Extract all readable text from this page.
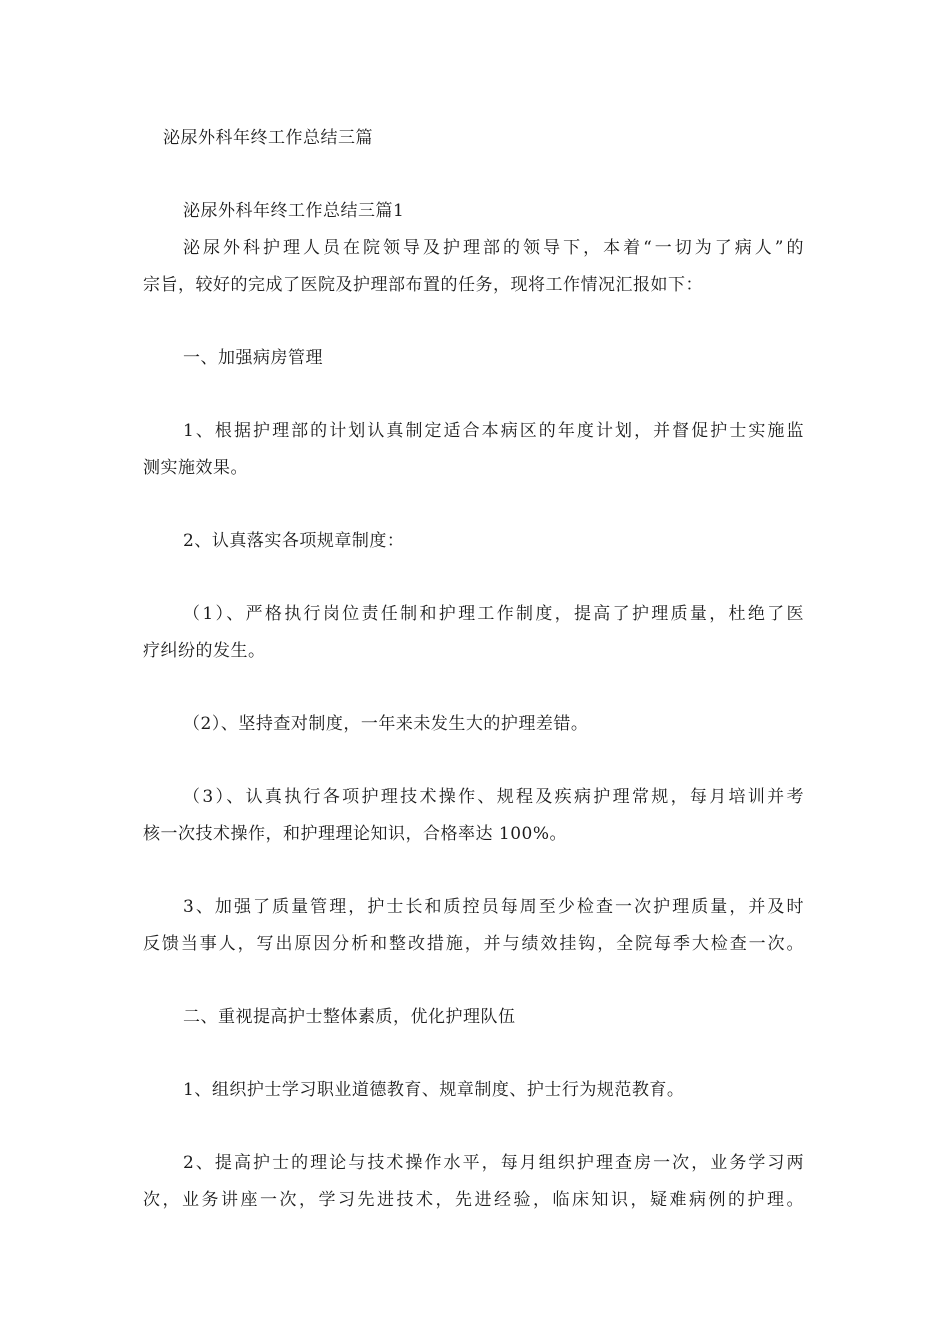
泌尿外科年终工作总结三篇
泌尿外科年终工作总结三篇1
泌尿外科护理人员在院领导及护理部的领导下，本着“一切为了病人”的
宗旨，较好的完成了医院及护理部布置的任务，现将工作情况汇报如下：
一、加强病房管理
1、根据护理部的计划认真制定适合本病区的年度计划，并督促护士实施监
测实施效果。
2、认真落实各项规章制度：
（1）、严格执行岗位责任制和护理工作制度，提高了护理质量，杜绝了医
疗纠纷的发生。
（2）、坚持查对制度，一年来未发生大的护理差错。
（3）、认真执行各项护理技术操作、规程及疾病护理常规，每月培训并考
核一次技术操作，和护理理论知识，合格率达 100%。
3、加强了质量管理，护士长和质控员每周至少检查一次护理质量，并及时
反馈当事人，写出原因分析和整改措施，并与绩效挂钩，全院每季大检查一次。
二、重视提高护士整体素质，优化护理队伍
1、组织护士学习职业道德教育、规章制度、护士行为规范教育。
2、提高护士的理论与技术操作水平，每月组织护理查房一次，业务学习两
次，业务讲座一次，学习先进技术，先进经验，临床知识，疑难病例的护理。
